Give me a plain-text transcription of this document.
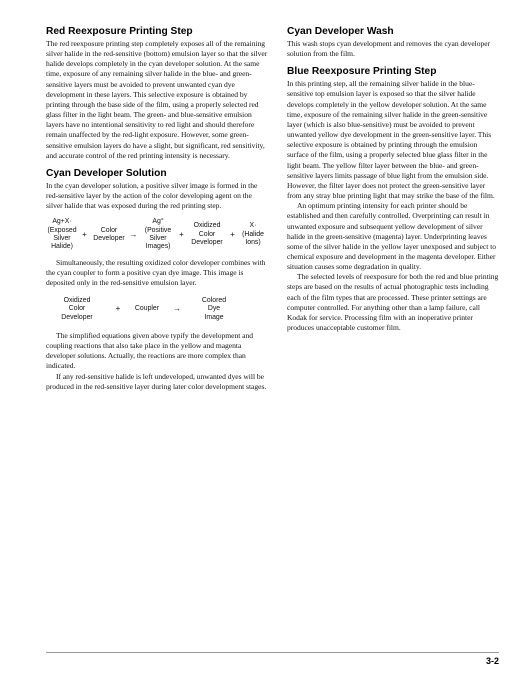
Red Reexposure Printing Step

The red reexposure printing step completely exposes all of the remaining silver halide in the red-sensitive (bottom) emulsion layer so that the silver halide develops completely in the cyan developer solution. At the same time, exposure of any remaining silver halide in the blue- and green-sensitive layers must be avoided to prevent unwanted cyan dye development in these layers. This selective exposure is obtained by printing through the base side of the film, using a properly selected red glass filter in the light beam. The green- and blue-sensitive emulsion layers have no intentional sensitivity to red light and should therefore remain unaffected by the red-light exposure. However, some green-sensitive emulsion layers do have a slight, but significant, red sensitivity, and accurate control of the red printing intensity is necessary.

Cyan Developer Solution

In the cyan developer solution, a positive silver image is formed in the red-sensitive layer by the action of the color developing agent on the silver halide that was exposed during the red printing step.

Ag+X·
(Exposed
Silver
Halide)
+	Color
Developer →
Ag°
(Positive
Silver
Images)
+
Oxidized
Color
Developer
+
X·
(Halide
Ions)

Simultaneously, the resulting oxidized color developer combines with the cyan coupler to form a positive cyan dye image. This image is deposited only in the red-sensitive emulsion layer.

Oxidized
Color
Developer
+	Coupler	→
Colored
Dye
Image

The simplified equations given above typify the development and coupling reactions that also take place in the yellow and magenta developer solutions. Actually, the reactions are more complex than indicated.

If any red-sensitive halide is left undeveloped, unwanted dyes will be produced in the red-sensitive layer during later color development stages.

Cyan Developer Wash

This wash stops cyan development and removes the cyan developer solution from the film.

Blue Reexposure Printing Step

In this printing step, all the remaining silver halide in the blue-sensitive top emulsion layer is exposed so that the silver halide develops completely in the yellow developer solution. At the same time, exposure of the remaining silver halide in the green-sensitive layer (which is also blue-sensitive) must be avoided to prevent unwanted yellow dye development in the green-sensitive layer. This selective exposure is obtained by printing through the emulsion surface of the film, using a properly selected blue glass filter in the light beam. The yellow filter layer between the blue- and green-sensitive layers limits passage of blue light from the emulsion side. However, the filter layer does not protect the green-sensitive layer from any stray blue printing light that may strike the base of the film.

An optimum printing intensity for each printer should be established and then carefully controlled. Overprinting can result in unwanted exposure and subsequent yellow development of silver halide in the green-sensitive (magenta) layer. Underprinting leaves some of the silver halide in the yellow layer unexposed and subject to chemical exposure and development in the magenta developer. Either situation causes some degradation in quality.

The selected levels of reexposure for both the red and blue printing steps are based on the results of actual photographic tests including each of the film types that are processed. These printer settings are computer controlled. For anything other than a lamp failure, call Kodak for service. Processing film with an inoperative printer produces unacceptable customer film.

3-2
